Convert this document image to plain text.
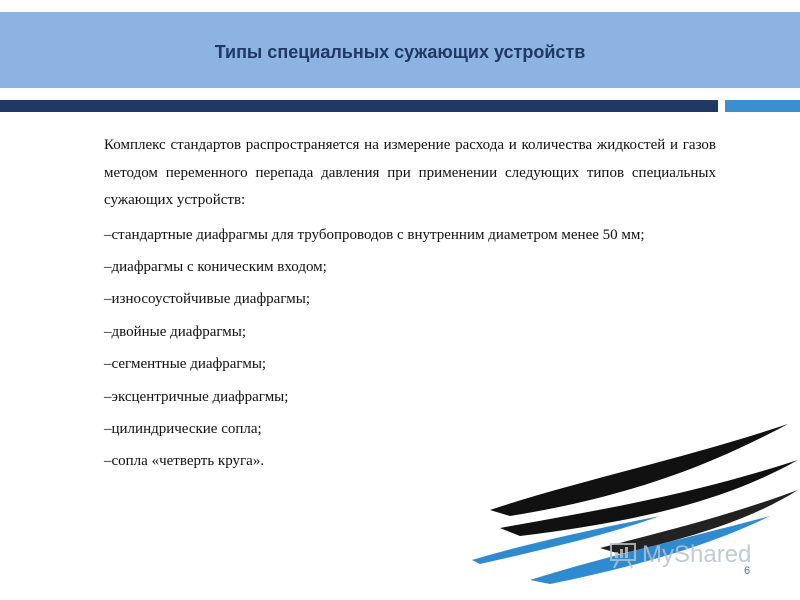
Типы специальных сужающих устройств

Комплекс стандартов распространяется на измерение расхода и количества жидкостей и газов методом переменного перепада давления при применении следующих типов специальных сужающих устройств:

–стандартные диафрагмы для трубопроводов с внутренним диаметром менее 50 мм;
–диафрагмы с коническим входом;
–износоустойчивые диафрагмы;
–двойные диафрагмы;
–сегментные диафрагмы;
–эксцентричные диафрагмы;
–цилиндрические сопла;
–сопла «четверть круга».
MyShared
6
